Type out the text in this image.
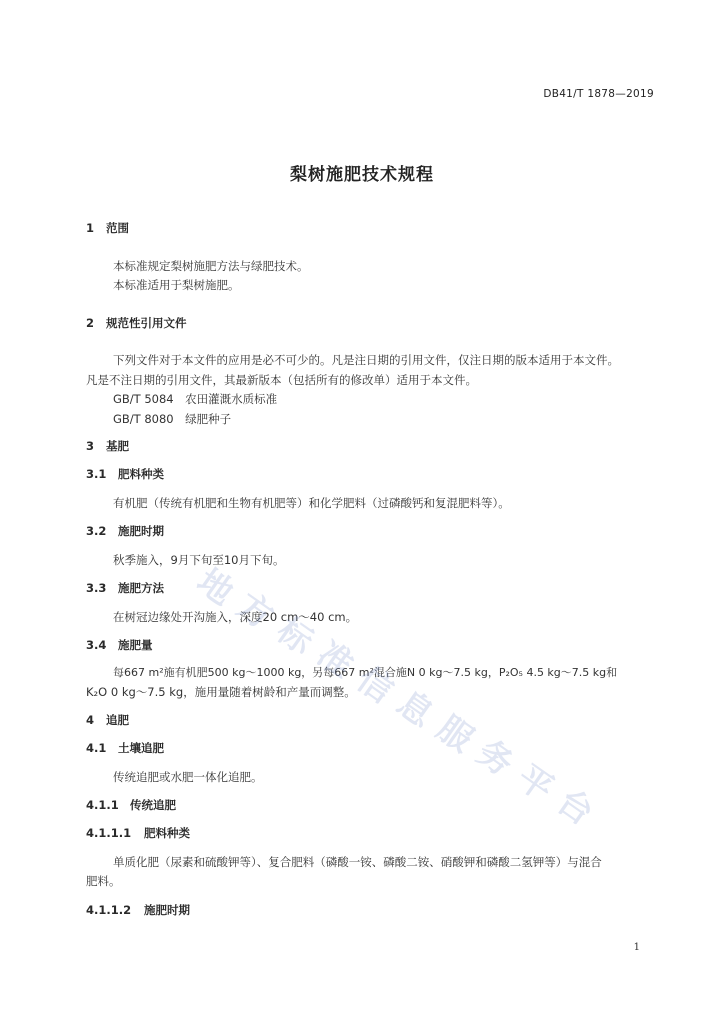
DB41/T 1878—2019
梨树施肥技术规程
1 范围
本标准规定梨树施肥方法与绿肥技术。
本标准适用于梨树施肥。
2 规范性引用文件
下列文件对于本文件的应用是必不可少的。凡是注日期的引用文件，仅注日期的版本适用于本文件。
凡是不注日期的引用文件，其最新版本（包括所有的修改单）适用于本文件。
GB/T 5084　农田灌溉水质标准
GB/T 8080　绿肥种子
3 基肥
3.1 肥料种类
有机肥（传统有机肥和生物有机肥等）和化学肥料（过磷酸钙和复混肥料等）。
3.2 施肥时期
秋季施入，9月下旬至10月下旬。
3.3 施肥方法
在树冠边缘处开沟施入，深度20 cm～40 cm。
3.4 施肥量
每667 m²施有机肥500 kg～1000 kg，另每667 m²混合施N 0 kg～7.5 kg，P₂O₅ 4.5 kg～7.5 kg和
K₂O 0 kg～7.5 kg，施用量随着树龄和产量而调整。
4 追肥
4.1 土壤追肥
传统追肥或水肥一体化追肥。
4.1.1 传统追肥
4.1.1.1 肥料种类
单质化肥（尿素和硫酸钾等）、复合肥料（磷酸一铵、磷酸二铵、硝酸钾和磷酸二氢钾等）与混合
肥料。
4.1.1.2 施肥时期
1
地
方
标
准
信
息
服
务
平
台
